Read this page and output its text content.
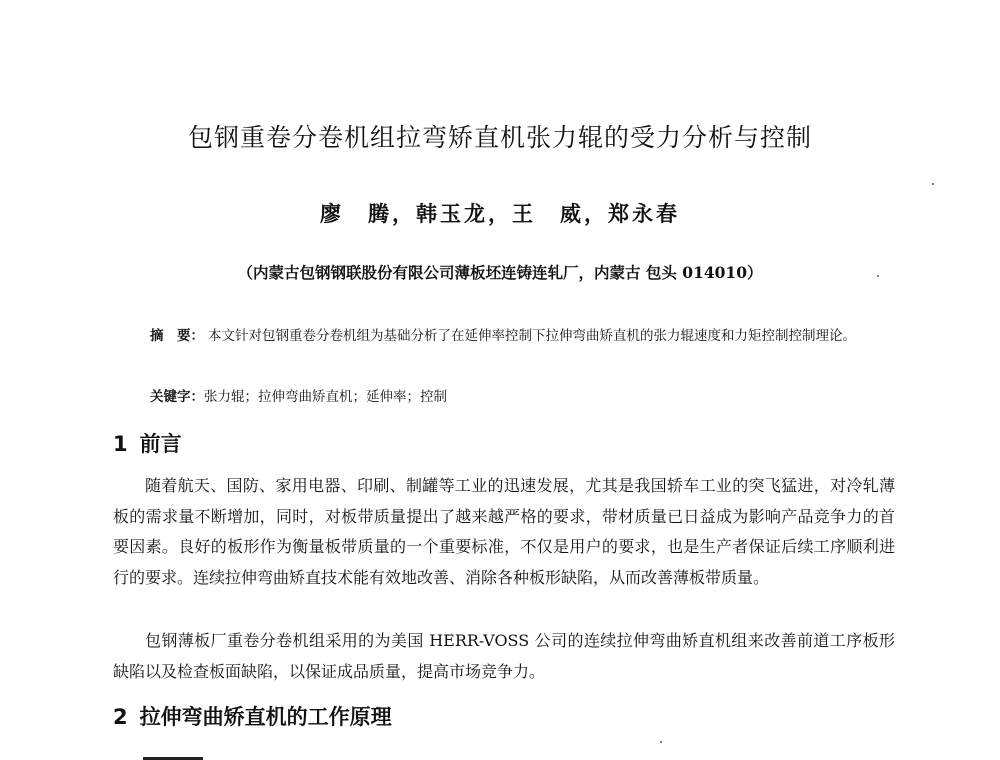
包钢重卷分卷机组拉弯矫直机张力辊的受力分析与控制
廖　腾，韩玉龙，王　威，郑永春
（内蒙古包钢钢联股份有限公司薄板坯连铸连轧厂，内蒙古 包头 014010）
摘　要： 本文针对包钢重卷分卷机组为基础分析了在延伸率控制下拉伸弯曲矫直机的张力辊速度和力矩控制控制理论。
关键字：张力辊；拉伸弯曲矫直机；延伸率；控制
1 前言
随着航天、国防、家用电器、印刷、制罐等工业的迅速发展，尤其是我国轿车工业的突飞猛进，对冷轧薄板的需求量不断增加，同时，对板带质量提出了越来越严格的要求，带材质量已日益成为影响产品竞争力的首要因素。良好的板形作为衡量板带质量的一个重要标准，不仅是用户的要求，也是生产者保证后续工序顺利进行的要求。连续拉伸弯曲矫直技术能有效地改善、消除各种板形缺陷，从而改善薄板带质量。
包钢薄板厂重卷分卷机组采用的为美国 HERR-VOSS 公司的连续拉伸弯曲矫直机组来改善前道工序板形缺陷以及检查板面缺陷，以保证成品质量，提高市场竞争力。
2 拉伸弯曲矫直机的工作原理
